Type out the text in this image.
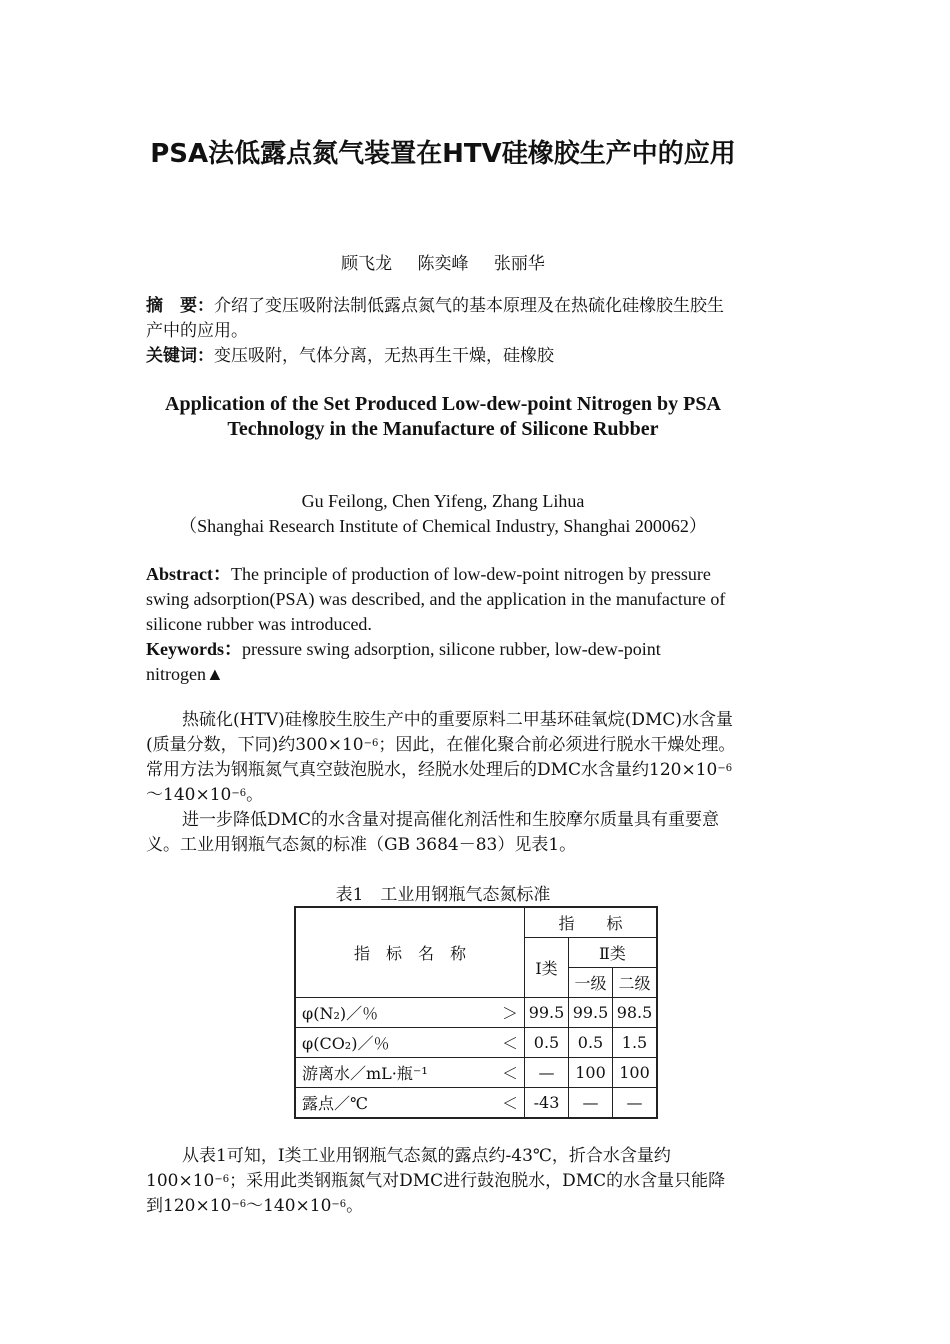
PSA法低露点氮气装置在HTV硅橡胶生产中的应用
顾飞龙 陈奕峰 张丽华
摘　要：介绍了变压吸附法制低露点氮气的基本原理及在热硫化硅橡胶生胶生产中的应用。
关键词：变压吸附，气体分离，无热再生干燥，硅橡胶
Application of the Set Produced Low-dew-point Nitrogen by PSA
Technology in the Manufacture of Silicone Rubber
Gu Feilong, Chen Yifeng, Zhang Lihua
（Shanghai Research Institute of Chemical Industry, Shanghai 200062）
Abstract：The principle of production of low-dew-point nitrogen by pressure swing adsorption(PSA) was described, and the application in the manufacture of silicone rubber was introduced.
Keywords：pressure swing adsorption, silicone rubber, low-dew-point nitrogen▲

热硫化(HTV)硅橡胶生胶生产中的重要原料二甲基环硅氧烷(DMC)水含量(质量分数，下同)约$300\times 10^{-6}$；因此，在催化聚合前必须进行脱水干燥处理。常用方法为钢瓶氮气真空鼓泡脱水，经脱水处理后的DMC水含量约$120\times 10^{-6}\sim 140\times 10^{-6}$。

进一步降低DMC的水含量对提高催化剂活性和生胶摩尔质量具有重要意义。工业用钢瓶气态氮的标准（GB 3684－83）见表1。

表1　工业用钢瓶气态氮标准
指　标　名　称	指　　标		
	Ⅰ类	Ⅱ类	
		一级	二级
φ(N₂)／％ ＞	99.5	99.5	98.5
φ(CO₂)／％ ＜	0.5	0.5	1.5
游离水／mL·瓶⁻¹ ＜	—	100	100
露点／℃ ＜	-43	—	—

从表1可知，Ⅰ类工业用钢瓶气态氮的露点约-43℃，折合水含量约$100\times 10^{-6}$；采用此类钢瓶氮气对DMC进行鼓泡脱水，DMC的水含量只能降到$120\times 10^{-6}\sim 140\times 10^{-6}$。
